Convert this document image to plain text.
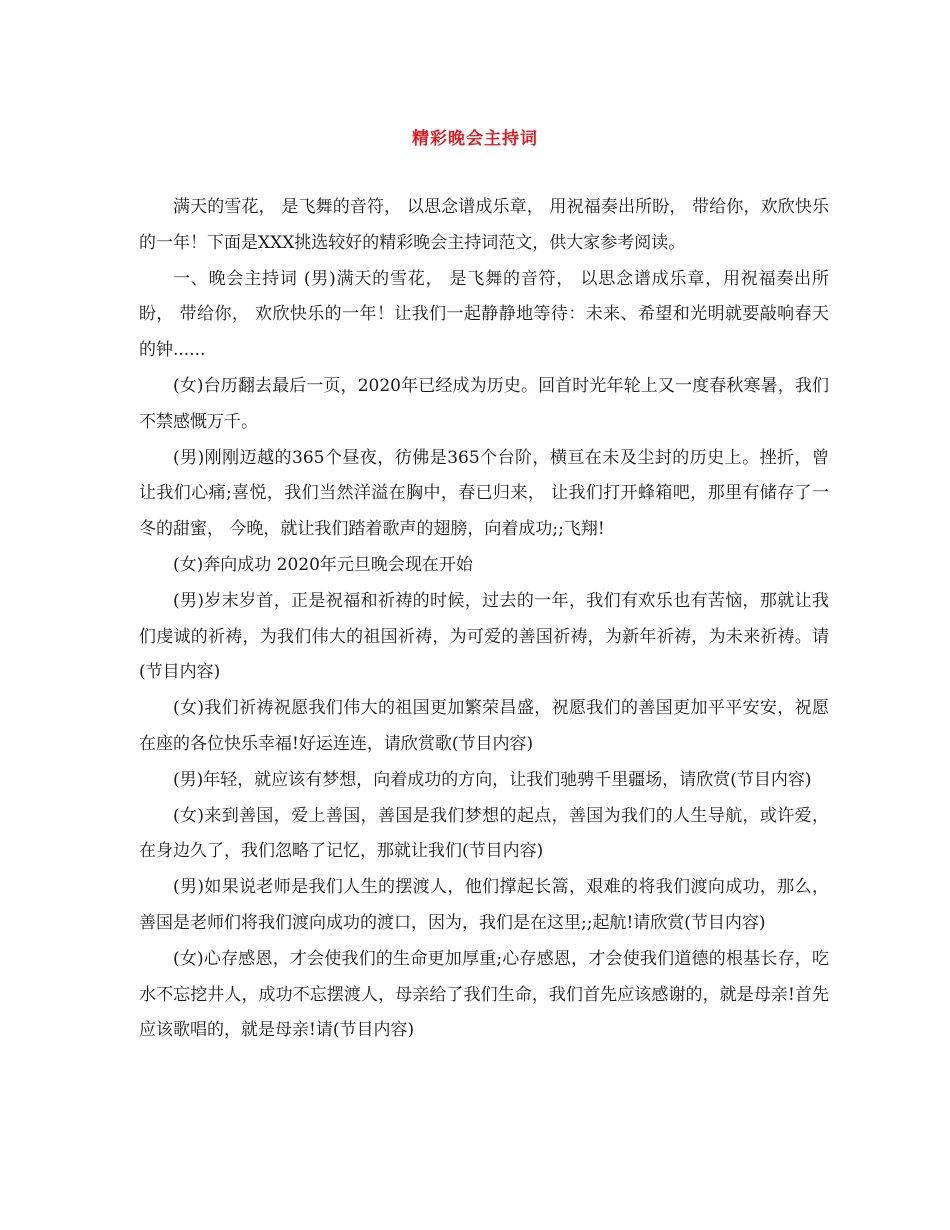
精彩晚会主持词

满天的雪花， 是飞舞的音符， 以思念谱成乐章， 用祝福奏出所盼， 带给你，欢欣快乐的一年！下面是XXX挑选较好的精彩晚会主持词范文，供大家参考阅读。

一、晚会主持词 (男)满天的雪花， 是飞舞的音符， 以思念谱成乐章，用祝福奏出所盼， 带给你， 欢欣快乐的一年！让我们一起静静地等待：未来、希望和光明就要敲响春天的钟......

(女)台历翻去最后一页，2020年已经成为历史。回首时光年轮上又一度春秋寒暑，我们不禁感慨万千。

(男)刚刚迈越的365个昼夜，彷佛是365个台阶，横亘在未及尘封的历史上。挫折，曾让我们心痛;喜悦，我们当然洋溢在胸中，春已归来， 让我们打开蜂箱吧，那里有储存了一冬的甜蜜， 今晚，就让我们踏着歌声的翅膀，向着成功;;飞翔!

(女)奔向成功 2020年元旦晚会现在开始

(男)岁末岁首，正是祝福和祈祷的时候，过去的一年，我们有欢乐也有苦恼，那就让我们虔诚的祈祷，为我们伟大的祖国祈祷，为可爱的善国祈祷，为新年祈祷，为未来祈祷。请(节目内容)

(女)我们祈祷祝愿我们伟大的祖国更加繁荣昌盛，祝愿我们的善国更加平平安安，祝愿在座的各位快乐幸福!好运连连，请欣赏歌(节目内容)

(男)年轻，就应该有梦想，向着成功的方向，让我们驰骋千里疆场，请欣赏(节目内容)

(女)来到善国，爱上善国，善国是我们梦想的起点，善国为我们的人生导航，或许爱，在身边久了，我们忽略了记忆，那就让我们(节目内容)

(男)如果说老师是我们人生的摆渡人，他们撑起长篙，艰难的将我们渡向成功，那么，善国是老师们将我们渡向成功的渡口，因为，我们是在这里;;起航!请欣赏(节目内容)

(女)心存感恩，才会使我们的生命更加厚重;心存感恩，才会使我们道德的根基长存，吃水不忘挖井人，成功不忘摆渡人，母亲给了我们生命，我们首先应该感谢的，就是母亲!首先应该歌唱的，就是母亲!请(节目内容)
